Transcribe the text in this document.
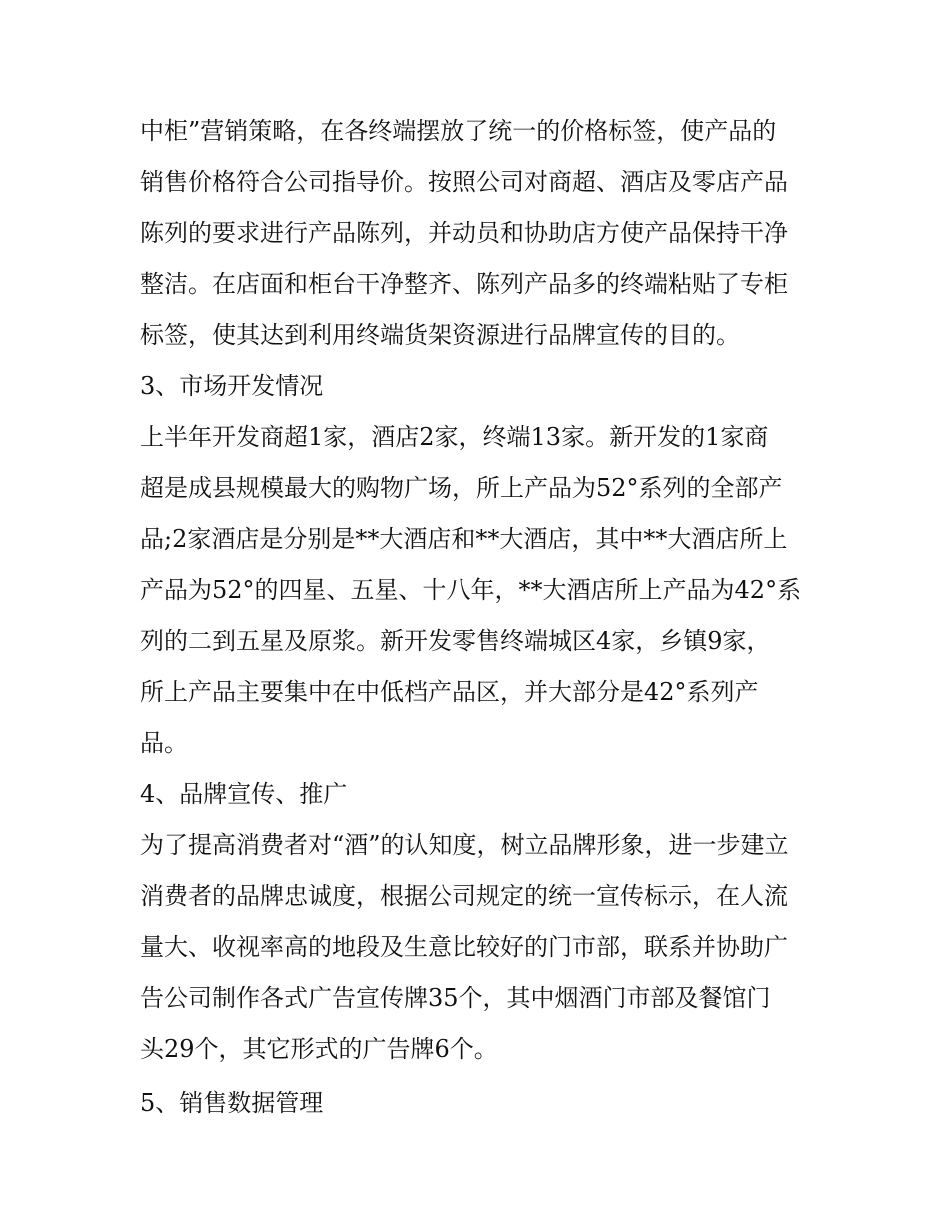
中柜”营销策略，在各终端摆放了统一的价格标签，使产品的
销售价格符合公司指导价。按照公司对商超、酒店及零店产品
陈列的要求进行产品陈列，并动员和协助店方使产品保持干净
整洁。在店面和柜台干净整齐、陈列产品多的终端粘贴了专柜
标签，使其达到利用终端货架资源进行品牌宣传的目的。
3、市场开发情况
上半年开发商超1家，酒店2家，终端13家。新开发的1家商
超是成县规模最大的购物广场，所上产品为52°系列的全部产
品;2家酒店是分别是**大酒店和**大酒店，其中**大酒店所上
产品为52°的四星、五星、十八年，**大酒店所上产品为42°系
列的二到五星及原浆。新开发零售终端城区4家，乡镇9家，
所上产品主要集中在中低档产品区，并大部分是42°系列产
品。
4、品牌宣传、推广
为了提高消费者对“酒”的认知度，树立品牌形象，进一步建立
消费者的品牌忠诚度，根据公司规定的统一宣传标示，在人流
量大、收视率高的地段及生意比较好的门市部，联系并协助广
告公司制作各式广告宣传牌35个，其中烟酒门市部及餐馆门
头29个，其它形式的广告牌6个。
5、销售数据管理
